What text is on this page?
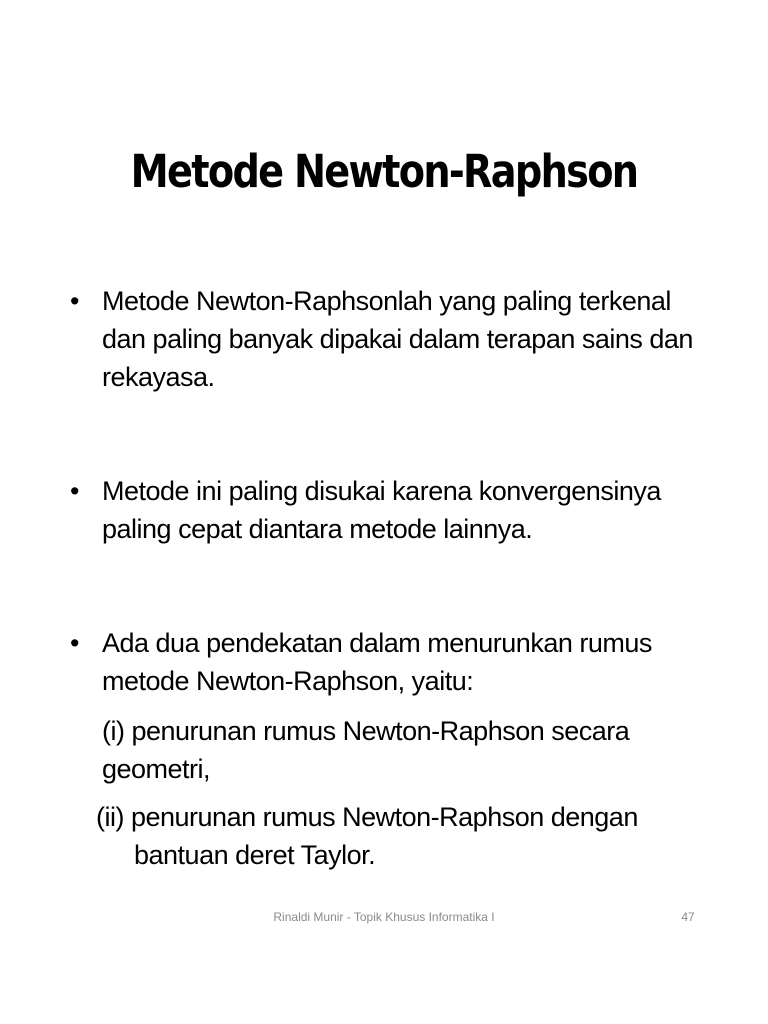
Metode Newton-Raphson
• Metode Newton-Raphsonlah yang paling terkenal dan paling banyak dipakai dalam terapan sains dan rekayasa.
• Metode ini paling disukai karena konvergensinya paling cepat diantara metode lainnya.
• Ada dua pendekatan dalam menurunkan rumus metode Newton-Raphson, yaitu:
(i) penurunan rumus Newton-Raphson secara geometri,
(ii) penurunan rumus Newton-Raphson dengan bantuan deret Taylor.
Rinaldi Munir - Topik Khusus Informatika I	47
